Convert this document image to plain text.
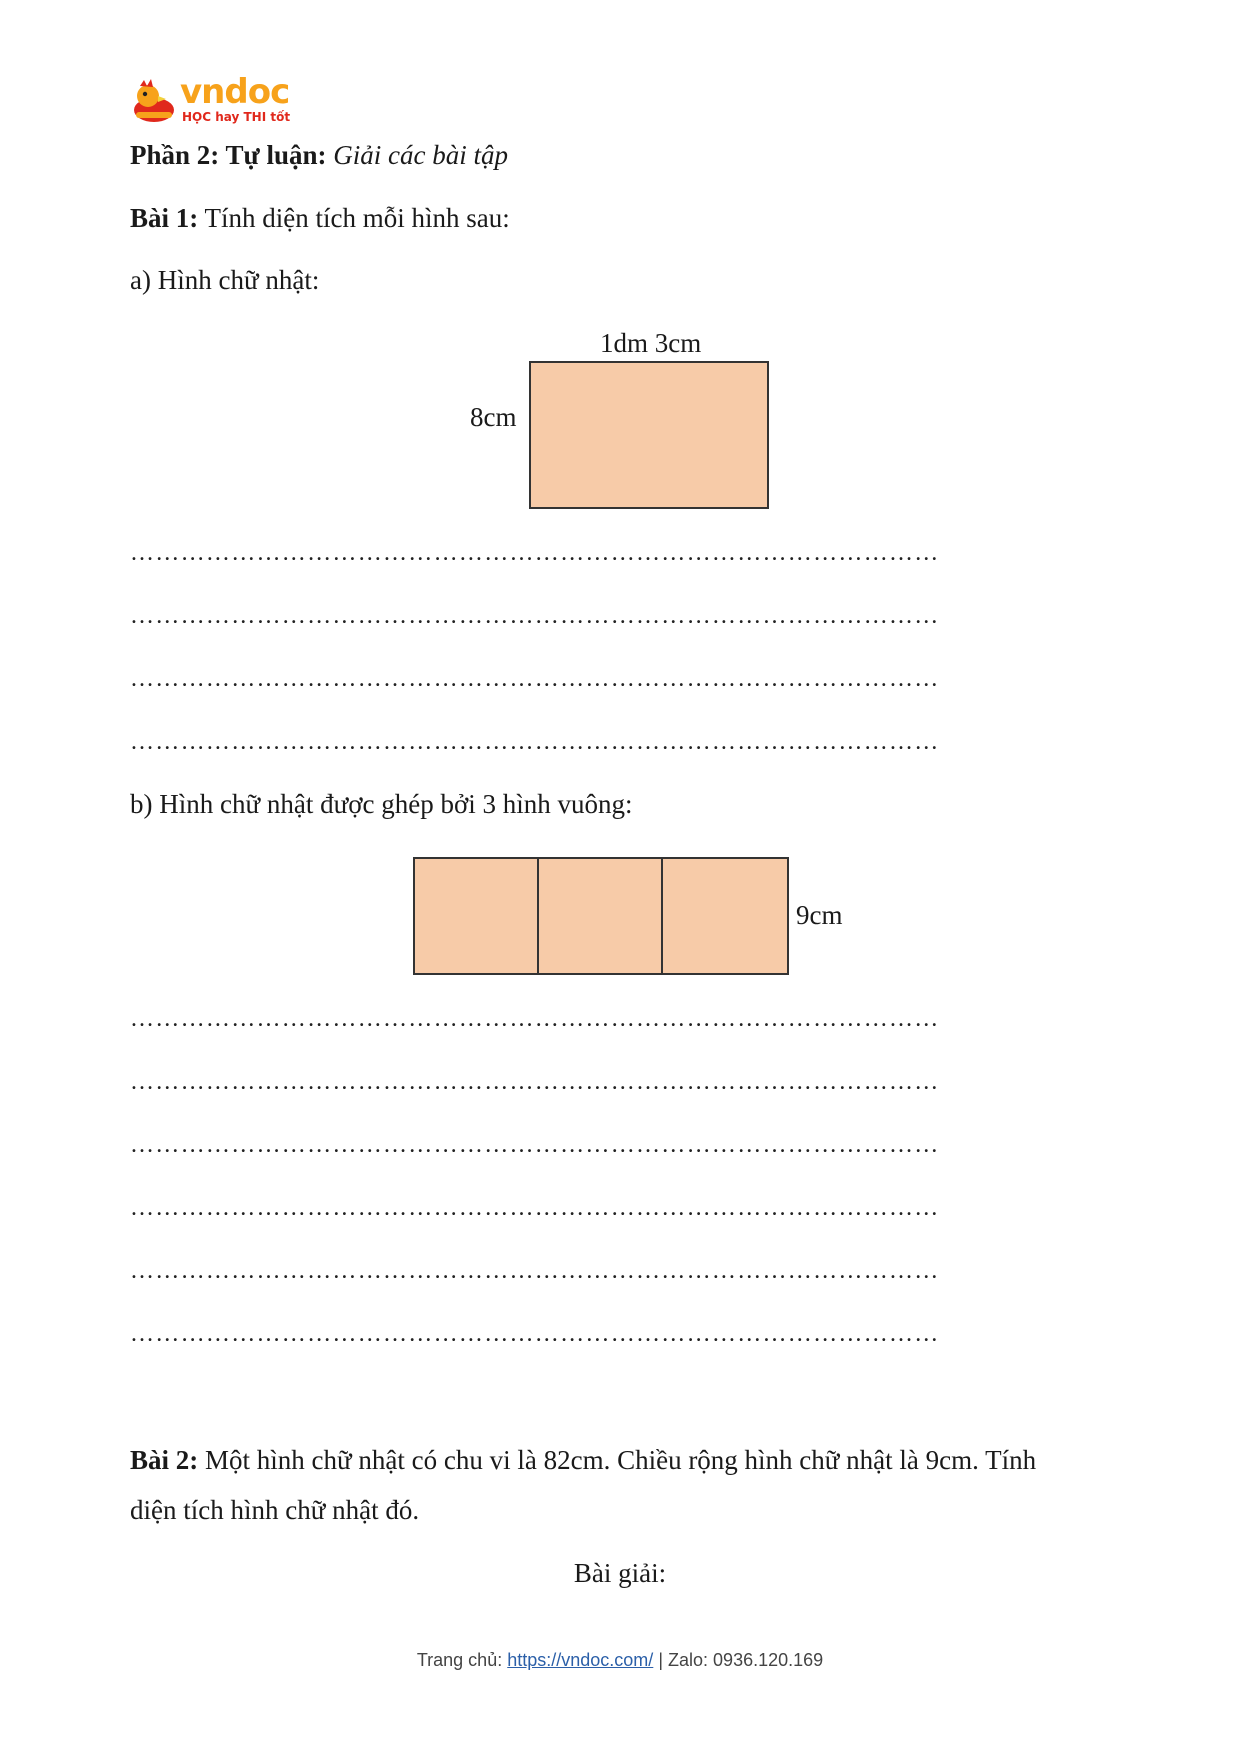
vndoc
HỌC hay THI tốt
Phần 2: Tự luận: Giải các bài tập
Bài 1: Tính diện tích mỗi hình sau:
a) Hình chữ nhật:
1dm 3cm
8cm
……………………………………………………………………………………
……………………………………………………………………………………
……………………………………………………………………………………
……………………………………………………………………………………
b) Hình chữ nhật được ghép bởi 3 hình vuông:
9cm
……………………………………………………………………………………
……………………………………………………………………………………
……………………………………………………………………………………
……………………………………………………………………………………
……………………………………………………………………………………
……………………………………………………………………………………
Bài 2: Một hình chữ nhật có chu vi là 82cm. Chiều rộng hình chữ nhật là 9cm. Tính
diện tích hình chữ nhật đó.
Bài giải:
Trang chủ: https://vndoc.com/ | Zalo: 0936.120.169
